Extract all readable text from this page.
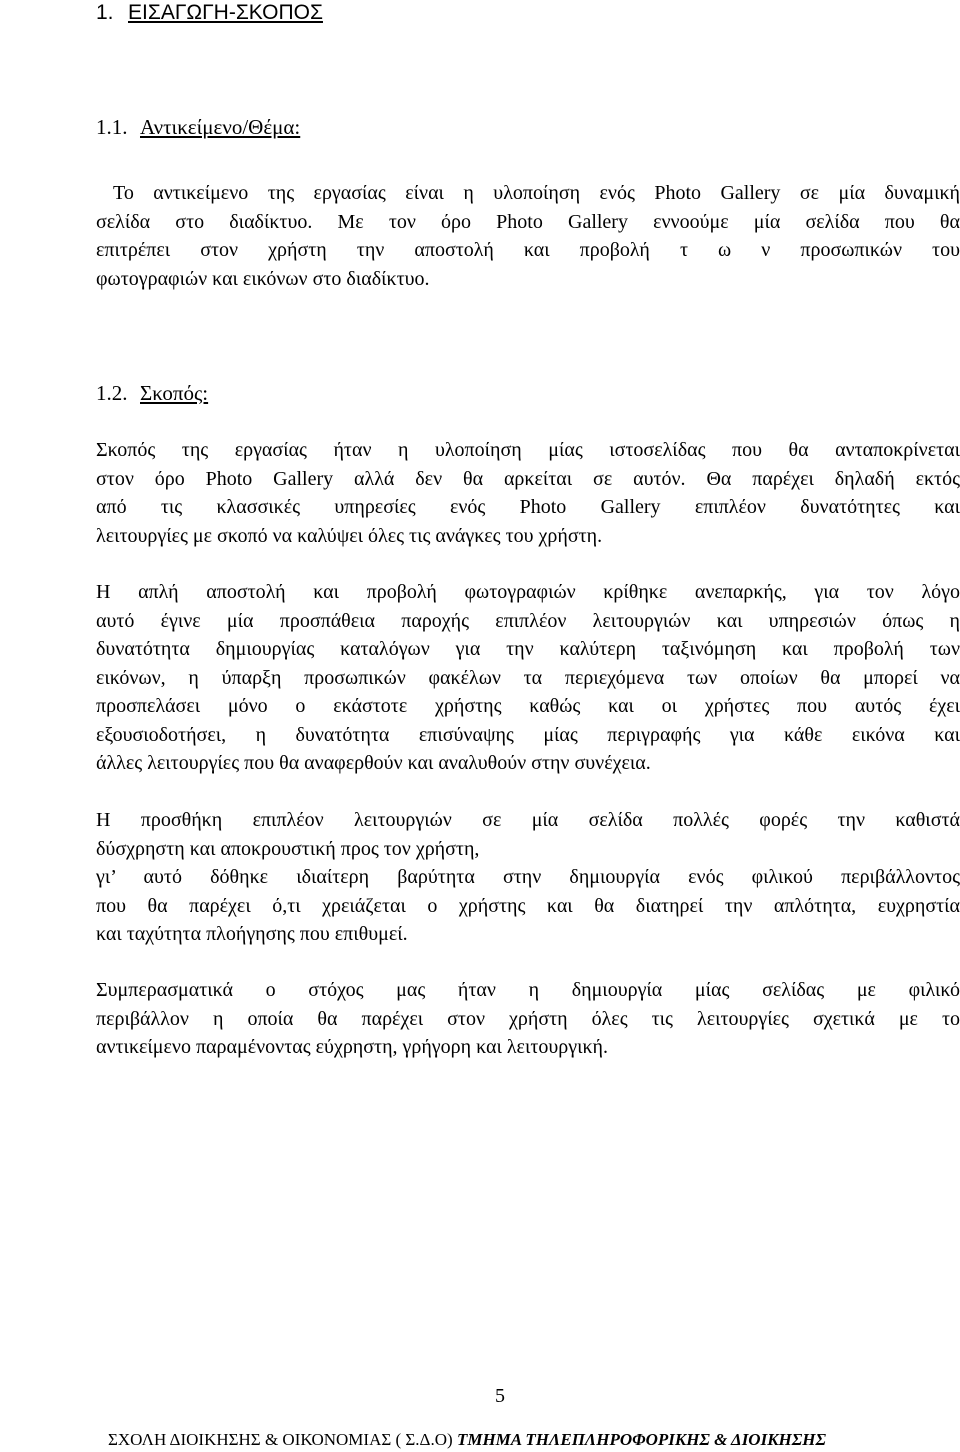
1. ΕΙΣΑΓΩΓΗ-ΣΚΟΠΟΣ
1.1. Αντικείμενο/Θέμα:

Το αντικείμενο της εργασίας είναι η υλοποίηση ενός Photo Gallery σε μία δυναμική
σελίδα στο διαδίκτυο. Με τον όρο Photo Gallery εννοούμε μία σελίδα που θα
επιτρέπει στον χρήστη την αποστολή και προβολή τ ω ν προσωπικών του
φωτογραφιών και εικόνων στο διαδίκτυο.

1.2. Σκοπός:

Σκοπός της εργασίας ήταν η υλοποίηση μίας ιστοσελίδας που θα ανταποκρίνεται
στον όρο Photo Gallery αλλά δεν θα αρκείται σε αυτόν. Θα παρέχει δηλαδή εκτός
από τις κλασσικές υπηρεσίες ενός Photo Gallery επιπλέον δυνατότητες και
λειτουργίες με σκοπό να καλύψει όλες τις ανάγκες του χρήστη.

Η απλή αποστολή και προβολή φωτογραφιών κρίθηκε ανεπαρκής, για τον λόγο
αυτό έγινε μία προσπάθεια παροχής επιπλέον λειτουργιών και υπηρεσιών όπως η
δυνατότητα δημιουργίας καταλόγων για την καλύτερη ταξινόμηση και προβολή των
εικόνων, η ύπαρξη προσωπικών φακέλων τα περιεχόμενα των οποίων θα μπορεί να
προσπελάσει μόνο ο εκάστοτε χρήστης καθώς και οι χρήστες που αυτός έχει
εξουσιοδοτήσει, η δυνατότητα επισύναψης μίας περιγραφής για κάθε εικόνα και
άλλες λειτουργίες που θα αναφερθούν και αναλυθούν στην συνέχεια.

Η προσθήκη επιπλέον λειτουργιών σε μία σελίδα πολλές φορές την καθιστά
δύσχρηστη και αποκρουστική προς τον χρήστη,
γι’ αυτό δόθηκε ιδιαίτερη βαρύτητα στην δημιουργία ενός φιλικού περιβάλλοντος
που θα παρέχει ό,τι χρειάζεται ο χρήστης και θα διατηρεί την απλότητα, ευχρηστία
και ταχύτητα πλοήγησης που επιθυμεί.

Συμπερασματικά ο στόχος μας ήταν η δημιουργία μίας σελίδας με φιλικό
περιβάλλον η οποία θα παρέχει στον χρήστη όλες τις λειτουργίες σχετικά με το
αντικείμενο παραμένοντας εύχρηστη, γρήγορη και λειτουργική.

5
ΣΧΟΛΗ ΔΙΟΙΚΗΣΗΣ & ΟΙΚΟΝΟΜΙΑΣ ( Σ.Δ.Ο) ΤΜΗΜΑ ΤΗΛΕΠΛΗΡΟΦΟΡΙΚΗΣ & ΔΙΟΙΚΗΣΗΣ
